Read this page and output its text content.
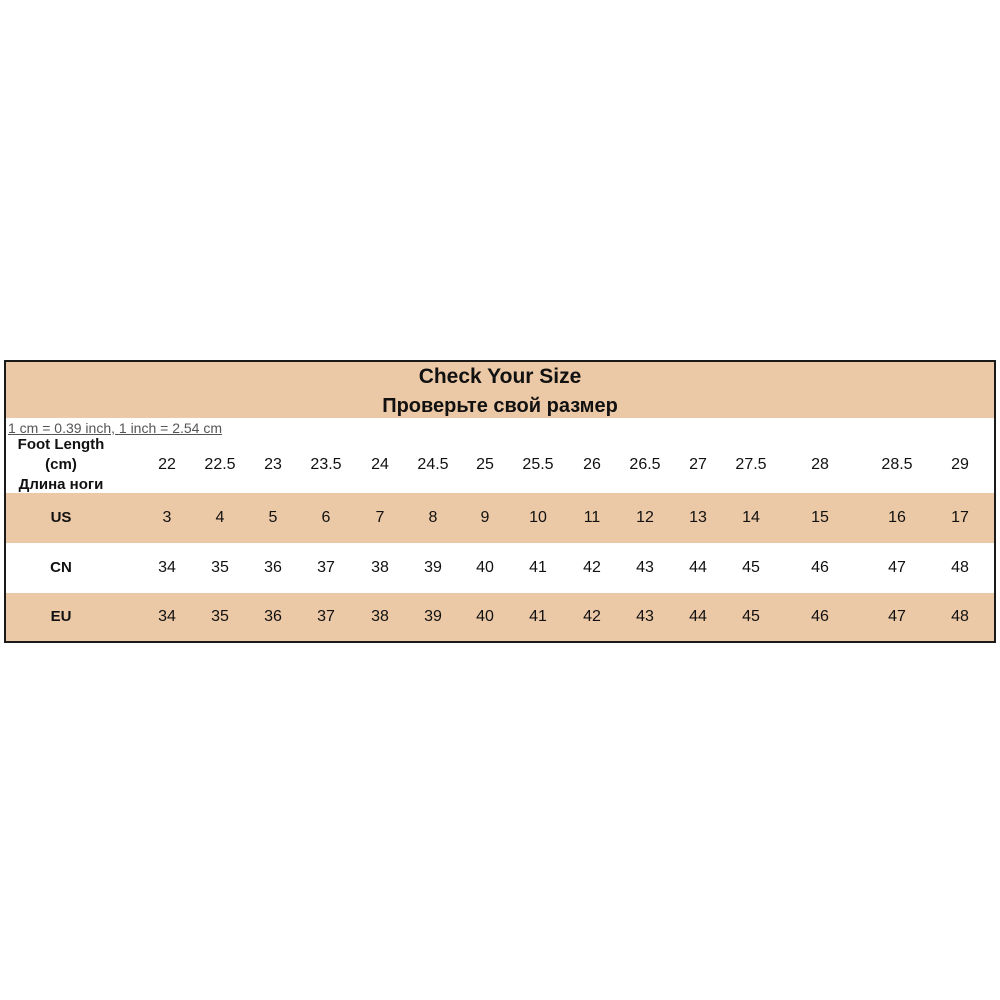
Check Your Size
Проверьте свой размер
1 cm = 0.39 inch, 1 inch = 2.54 cm
Foot Length (cm)
Длина ноги
22	22.5	23	23.5	24	24.5	25	25.5	26	26.5	27	27.5	28	28.5	29
US	3	4	5	6	7	8	9	10	11	12	13	14	15	16	17
CN	34	35	36	37	38	39	40	41	42	43	44	45	46	47	48
EU	34	35	36	37	38	39	40	41	42	43	44	45	46	47	48
